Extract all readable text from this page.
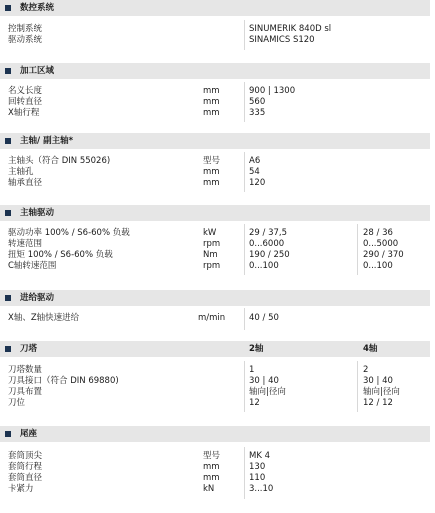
数控系统
控制系统	SINUMERIK 840D sl
驱动系统	SINAMICS S120
加工区域
名义长度	mm	900 | 1300
回转直径	mm	560
X轴行程	mm	335
主轴/ 副主轴*
主轴头（符合 DIN 55026)	型号	A6
主轴孔	mm	54
轴承直径	mm	120
主轴驱动
驱动功率 100% / S6-60% 负载	kW	29 / 37,5	28 / 36
转速范围	rpm	0...6000	0...5000
扭矩 100% / S6-60% 负载	Nm	190 / 250	290 / 370
C轴转速范围	rpm	0...100	0...100
进给驱动
X轴、Z轴快速进给	m/min	40 / 50
刀塔	2轴	4轴
刀塔数量	1	2
刀具接口（符合 DIN 69880)	30 | 40	30 | 40
刀具布置	轴向|径向	轴向|径向
刀位	12	12 / 12
尾座
套筒顶尖	型号	MK 4
套筒行程	mm	130
套筒直径	mm	110
卡紧力	kN	3...10
